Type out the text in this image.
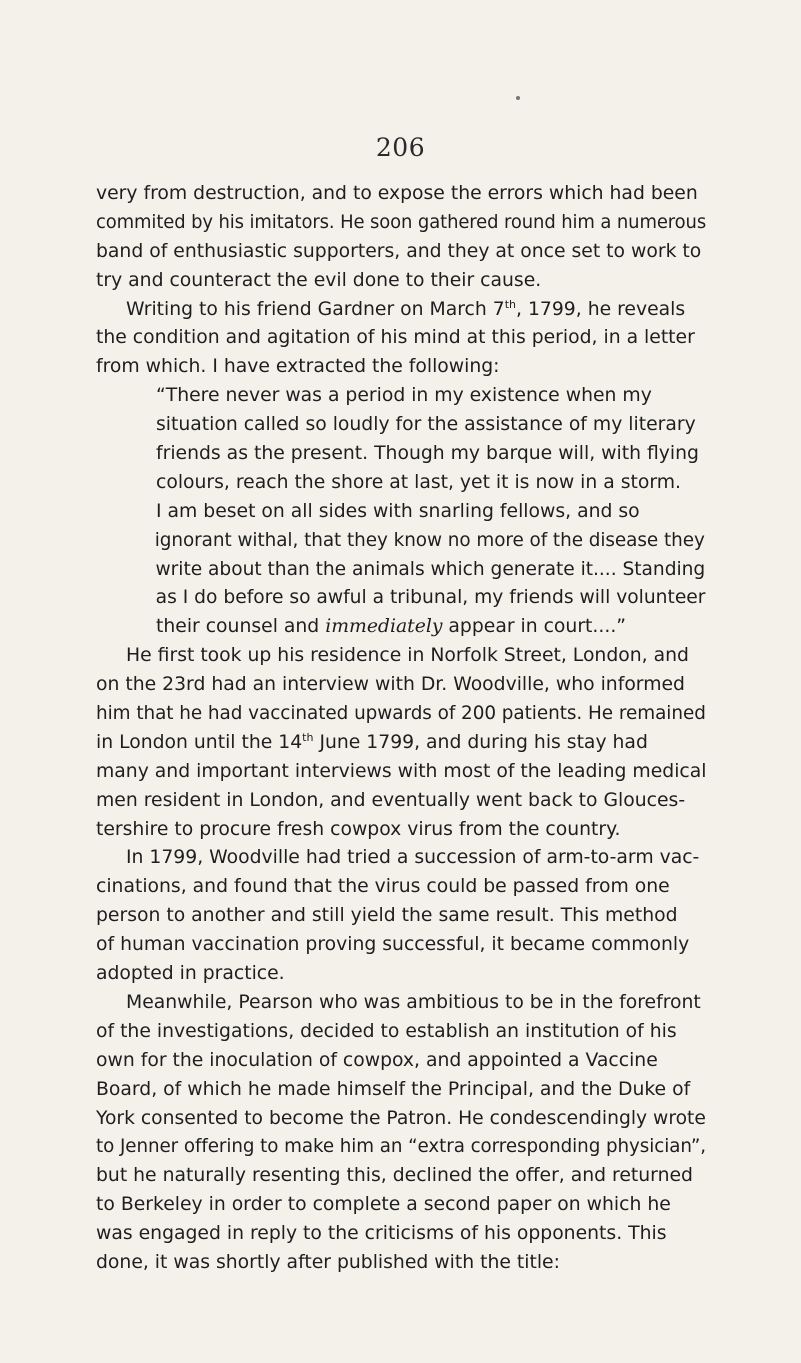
206
very from destruction, and to expose the errors which had been
commited by his imitators. He soon gathered round him a numerous
band of enthusiastic supporters, and they at once set to work to
try and counteract the evil done to their cause.
Writing to his friend Gardner on March 7th, 1799, he reveals
the condition and agitation of his mind at this period, in a letter
from which. I have extracted the following:
“There never was a period in my existence when my
situation called so loudly for the assistance of my literary
friends as the present. Though my barque will, with flying
colours, reach the shore at last, yet it is now in a storm.
I am beset on all sides with snarling fellows, and so
ignorant withal, that they know no more of the disease they
write about than the animals which generate it.... Standing
as I do before so awful a tribunal, my friends will volunteer
their counsel and immediately appear in court....”
He first took up his residence in Norfolk Street, London, and
on the 23rd had an interview with Dr. Woodville, who informed
him that he had vaccinated upwards of 200 patients. He remained
in London until the 14th June 1799, and during his stay had
many and important interviews with most of the leading medical
men resident in London, and eventually went back to Glouces-
tershire to procure fresh cowpox virus from the country.
In 1799, Woodville had tried a succession of arm-to-arm vac-
cinations, and found that the virus could be passed from one
person to another and still yield the same result. This method
of human vaccination proving successful, it became commonly
adopted in practice.
Meanwhile, Pearson who was ambitious to be in the forefront
of the investigations, decided to establish an institution of his
own for the inoculation of cowpox, and appointed a Vaccine
Board, of which he made himself the Principal, and the Duke of
York consented to become the Patron. He condescendingly wrote
to Jenner offering to make him an “extra corresponding physician”,
but he naturally resenting this, declined the offer, and returned
to Berkeley in order to complete a second paper on which he
was engaged in reply to the criticisms of his opponents. This
done, it was shortly after published with the title:
